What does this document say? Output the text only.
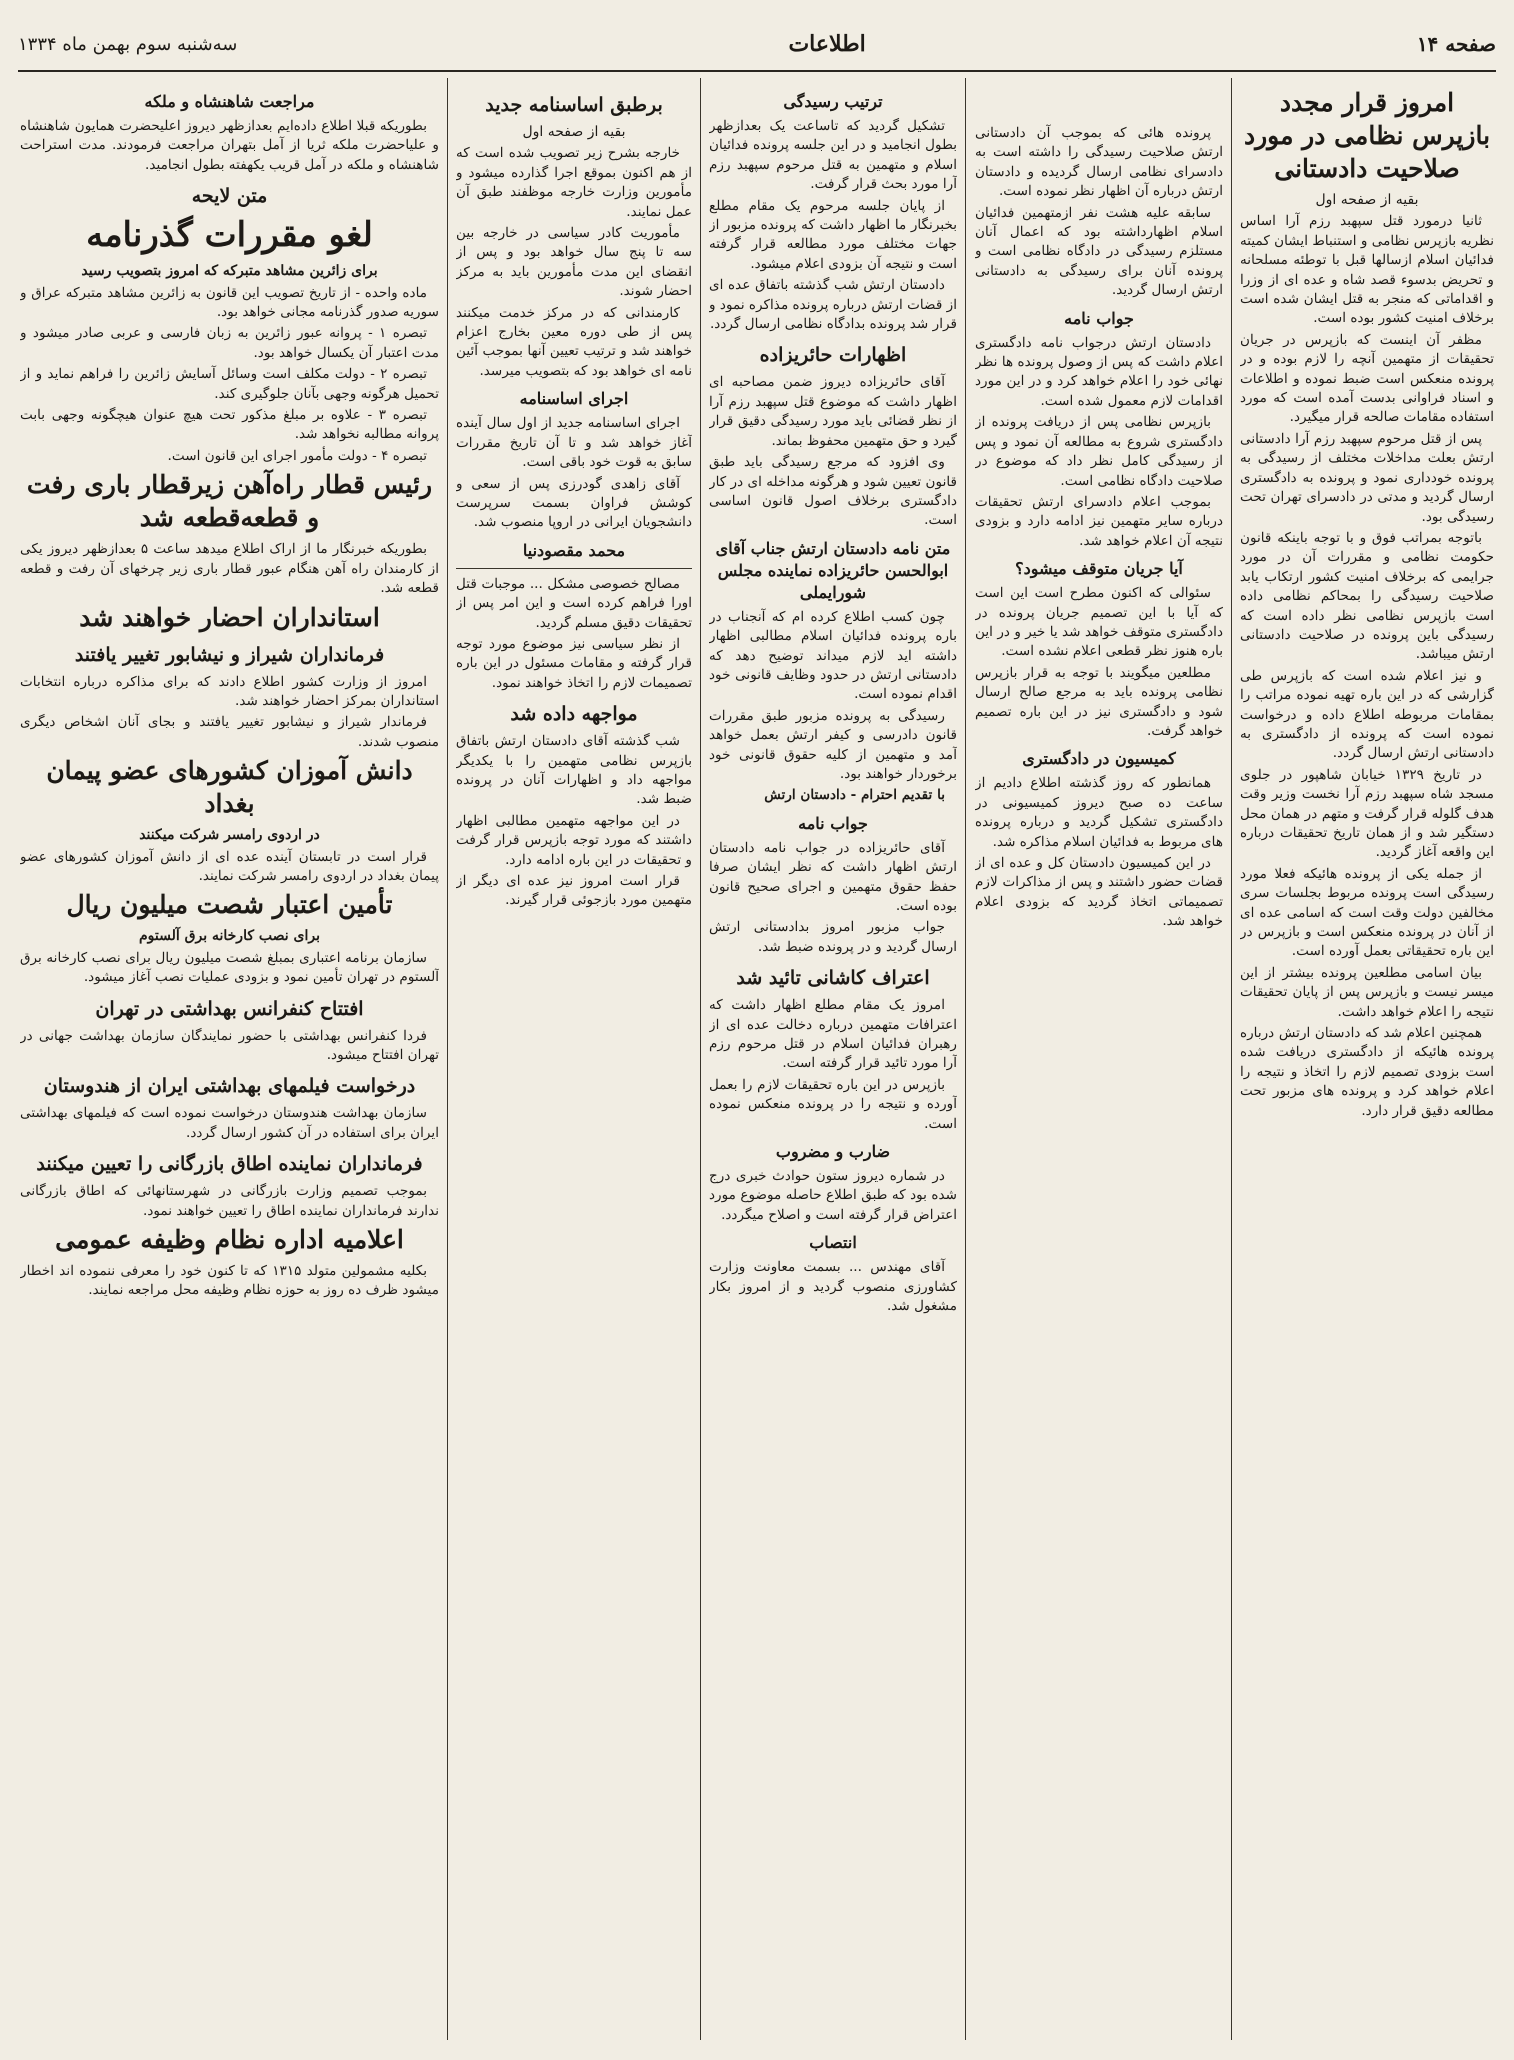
صفحه ۱۴
اطلاعات
سه‌شنبه سوم بهمن ماه ۱۳۳۴
امروز قرار مجدد بازپرس نظامی در مورد صلاحیت دادستانی
بقیه از صفحه اول

ثانیا درمورد قتل سپهبد رزم آرا اساس نظریه بازپرس نظامی و استنباط ایشان کمیته فدائیان اسلام ازسالها قبل با توطئه مسلحانه و تحریض بدسوء قصد شاه و عده ای از وزرا و اقداماتی که منجر به قتل ایشان شده است برخلاف امنیت کشور بوده است.

مظفر آن اینست که بازپرس در جریان تحقیقات از متهمین آنچه را لازم بوده و در پرونده منعکس است ضبط نموده و اطلاعات و اسناد فراوانی بدست آمده است که مورد استفاده مقامات صالحه قرار میگیرد.

پس از قتل مرحوم سپهبد رزم آرا دادستانی ارتش بعلت مداخلات مختلف از رسیدگی به پرونده خودداری نمود و پرونده به دادگستری ارسال گردید و مدتی در دادسرای تهران تحت رسیدگی بود.

باتوجه بمراتب فوق و با توجه باینکه قانون حکومت نظامی و مقررات آن در مورد جرایمی که برخلاف امنیت کشور ارتکاب یابد صلاحیت رسیدگی را بمحاکم نظامی داده است بازپرس نظامی نظر داده است که رسیدگی باین پرونده در صلاحیت دادستانی ارتش میباشد.

و نیز اعلام شده است که بازپرس طی گزارشی که در این باره تهیه نموده مراتب را بمقامات مربوطه اطلاع داده و درخواست نموده است که پرونده از دادگستری به دادستانی ارتش ارسال گردد.

در تاریخ ۱۳۲۹ خیابان شاهپور در جلوی مسجد شاه سپهبد رزم آرا نخست وزیر وقت هدف گلوله قرار گرفت و متهم در همان محل دستگیر شد و از همان تاریخ تحقیقات درباره این واقعه آغاز گردید.

از جمله یکی از پرونده هائیکه فعلا مورد رسیدگی است پرونده مربوط بجلسات سری مخالفین دولت وقت است که اسامی عده ای از آنان در پرونده منعکس است و بازپرس در این باره تحقیقاتی بعمل آورده است.

بیان اسامی مطلعین پرونده بیشتر از این میسر نیست و بازپرس پس از پایان تحقیقات نتیجه را اعلام خواهد داشت.

همچنین اعلام شد که دادستان ارتش درباره پرونده هائیکه از دادگستری دریافت شده است بزودی تصمیم لازم را اتخاذ و نتیجه را اعلام خواهد کرد و پرونده های مزبور تحت مطالعه دقیق قرار دارد.

پرونده هائی که بموجب آن دادستانی ارتش صلاحیت رسیدگی را داشته است به دادسرای نظامی ارسال گردیده و دادستان ارتش درباره آن اظهار نظر نموده است.

سابقه علیه هشت نفر ازمتهمین فدائیان اسلام اظهارداشته بود که اعمال آنان مستلزم رسیدگی در دادگاه نظامی است و پرونده آنان برای رسیدگی به دادستانی ارتش ارسال گردید.

جواب نامه

دادستان ارتش درجواب نامه دادگستری اعلام داشت که پس از وصول پرونده ها نظر نهائی خود را اعلام خواهد کرد و در این مورد اقدامات لازم معمول شده است.

بازپرس نظامی پس از دریافت پرونده از دادگستری شروع به مطالعه آن نمود و پس از رسیدگی کامل نظر داد که موضوع در صلاحیت دادگاه نظامی است.

بموجب اعلام دادسرای ارتش تحقیقات درباره سایر متهمین نیز ادامه دارد و بزودی نتیجه آن اعلام خواهد شد.

آیا جریان متوقف میشود؟

سئوالی که اکنون مطرح است این است که آیا با این تصمیم جریان پرونده در دادگستری متوقف خواهد شد یا خیر و در این باره هنوز نظر قطعی اعلام نشده است.

مطلعین میگویند با توجه به قرار بازپرس نظامی پرونده باید به مرجع صالح ارسال شود و دادگستری نیز در این باره تصمیم خواهد گرفت.

کمیسیون در دادگستری

همانطور که روز گذشته اطلاع دادیم از ساعت ده صبح دیروز کمیسیونی در دادگستری تشکیل گردید و درباره پرونده های مربوط به فدائیان اسلام مذاکره شد.

در این کمیسیون دادستان کل و عده ای از قضات حضور داشتند و پس از مذاکرات لازم تصمیماتی اتخاذ گردید که بزودی اعلام خواهد شد.

ترتیب رسیدگی

تشکیل گردید که تاساعت یک بعدازظهر بطول انجامید و در این جلسه پرونده فدائیان اسلام و متهمین به قتل مرحوم سپهبد رزم آرا مورد بحث قرار گرفت.

از پایان جلسه مرحوم یک مقام مطلع بخبرنگار ما اظهار داشت که پرونده مزبور از جهات مختلف مورد مطالعه قرار گرفته است و نتیجه آن بزودی اعلام میشود.

دادستان ارتش شب گذشته باتفاق عده ای از قضات ارتش درباره پرونده مذاکره نمود و قرار شد پرونده بدادگاه نظامی ارسال گردد.

اظهارات حائریزاده

آقای حائریزاده دیروز ضمن مصاحبه ای اظهار داشت که موضوع قتل سپهبد رزم آرا از نظر قضائی باید مورد رسیدگی دقیق قرار گیرد و حق متهمین محفوظ بماند.

وی افزود که مرجع رسیدگی باید طبق قانون تعیین شود و هرگونه مداخله ای در کار دادگستری برخلاف اصول قانون اساسی است.

متن نامه دادستان ارتش جناب آقای ابوالحسن حائریزاده نماینده مجلس شورایملی

چون کسب اطلاع کرده ام که آنجناب در باره پرونده فدائیان اسلام مطالبی اظهار داشته اید لازم میداند توضیح دهد که دادستانی ارتش در حدود وظایف قانونی خود اقدام نموده است.

رسیدگی به پرونده مزبور طبق مقررات قانون دادرسی و کیفر ارتش بعمل خواهد آمد و متهمین از کلیه حقوق قانونی خود برخوردار خواهند بود.

با تقدیم احترام - دادستان ارتش

جواب نامه

آقای حائریزاده در جواب نامه دادستان ارتش اظهار داشت که نظر ایشان صرفا حفظ حقوق متهمین و اجرای صحیح قانون بوده است.

جواب مزبور امروز بدادستانی ارتش ارسال گردید و در پرونده ضبط شد.

اعتراف کاشانی تائید شد

امروز یک مقام مطلع اظهار داشت که اعترافات متهمین درباره دخالت عده ای از رهبران فدائیان اسلام در قتل مرحوم رزم آرا مورد تائید قرار گرفته است.

بازپرس در این باره تحقیقات لازم را بعمل آورده و نتیجه را در پرونده منعکس نموده است.

ضارب و مضروب

در شماره دیروز ستون حوادث خبری درج شده بود که طبق اطلاع حاصله موضوع مورد اعتراض قرار گرفته است و اصلاح میگردد.

انتصاب

آقای مهندس ... بسمت معاونت وزارت کشاورزی منصوب گردید و از امروز بکار مشغول شد.

برطبق اساسنامه جدید
بقیه از صفحه اول

خارجه بشرح زیر تصویب شده است که از هم اکنون بموقع اجرا گذارده میشود و مأمورین وزارت خارجه موظفند طبق آن عمل نمایند.

مأموریت کادر سیاسی در خارجه بین سه تا پنج سال خواهد بود و پس از انقضای این مدت مأمورین باید به مرکز احضار شوند.

کارمندانی که در مرکز خدمت میکنند پس از طی دوره معین بخارج اعزام خواهند شد و ترتیب تعیین آنها بموجب آئین نامه ای خواهد بود که بتصویب میرسد.

اجرای اساسنامه

اجرای اساسنامه جدید از اول سال آینده آغاز خواهد شد و تا آن تاریخ مقررات سابق به قوت خود باقی است.

آقای زاهدی گودرزی پس از سعی و کوشش فراوان بسمت سرپرست دانشجویان ایرانی در اروپا منصوب شد.

محمد مقصودنیا

مصالح خصوصی مشکل ... موجبات قتل اورا فراهم کرده است و این امر پس از تحقیقات دقیق مسلم گردید.

از نظر سیاسی نیز موضوع مورد توجه قرار گرفته و مقامات مسئول در این باره تصمیمات لازم را اتخاذ خواهند نمود.

مواجهه داده شد

شب گذشته آقای دادستان ارتش باتفاق بازپرس نظامی متهمین را با یکدیگر مواجهه داد و اظهارات آنان در پرونده ضبط شد.

در این مواجهه متهمین مطالبی اظهار داشتند که مورد توجه بازپرس قرار گرفت و تحقیقات در این باره ادامه دارد.

قرار است امروز نیز عده ای دیگر از متهمین مورد بازجوئی قرار گیرند.

مراجعت شاهنشاه و ملکه

بطوریکه قبلا اطلاع داده‌ایم بعدازظهر دیروز اعلیحضرت همایون شاهنشاه و علیاحضرت ملکه ثریا از آمل بتهران مراجعت فرمودند. مدت استراحت شاهنشاه و ملکه در آمل قریب یکهفته بطول انجامید.

متن لایحه
لغو مقررات گذرنامه
برای زائرین مشاهد متبرکه که امروز بتصویب رسید

ماده واحده - از تاریخ تصویب این قانون به زائرین مشاهد متبرکه عراق و سوریه صدور گذرنامه مجانی خواهد بود.

تبصره ۱ - پروانه عبور زائرین به زبان فارسی و عربی صادر میشود و مدت اعتبار آن یکسال خواهد بود.

تبصره ۲ - دولت مکلف است وسائل آسایش زائرین را فراهم نماید و از تحمیل هرگونه وجهی بآنان جلوگیری کند.

تبصره ۳ - علاوه بر مبلغ مذکور تحت هیچ عنوان هیچگونه وجهی بابت پروانه مطالبه نخواهد شد.

تبصره ۴ - دولت مأمور اجرای این قانون است.

رئیس قطار راه‌آهن زیرقطار باری رفت و قطعه‌قطعه شد

بطوریکه خبرنگار ما از اراک اطلاع میدهد ساعت ۵ بعدازظهر دیروز یکی از کارمندان راه آهن هنگام عبور قطار باری زیر چرخهای آن رفت و قطعه قطعه شد.

استانداران احضار خواهند شد
فرمانداران شیراز و نیشابور تغییر یافتند

امروز از وزارت کشور اطلاع دادند که برای مذاکره درباره انتخابات استانداران بمرکز احضار خواهند شد.

فرماندار شیراز و نیشابور تغییر یافتند و بجای آنان اشخاص دیگری منصوب شدند.

دانش آموزان کشورهای عضو پیمان بغداد
در اردوی رامسر شرکت میکنند

قرار است در تابستان آینده عده ای از دانش آموزان کشورهای عضو پیمان بغداد در اردوی رامسر شرکت نمایند.

تأمین اعتبار شصت میلیون ریال
برای نصب کارخانه برق آلستوم

سازمان برنامه اعتباری بمبلغ شصت میلیون ریال برای نصب کارخانه برق آلستوم در تهران تأمین نمود و بزودی عملیات نصب آغاز میشود.

افتتاح کنفرانس بهداشتی در تهران

فردا کنفرانس بهداشتی با حضور نمایندگان سازمان بهداشت جهانی در تهران افتتاح میشود.

درخواست فیلمهای بهداشتی ایران از هندوستان

سازمان بهداشت هندوستان درخواست نموده است که فیلمهای بهداشتی ایران برای استفاده در آن کشور ارسال گردد.

فرمانداران نماینده اطاق بازرگانی را تعیین میکنند

بموجب تصمیم وزارت بازرگانی در شهرستانهائی که اطاق بازرگانی ندارند فرمانداران نماینده اطاق را تعیین خواهند نمود.

اعلامیه اداره نظام وظیفه عمومی

بکلیه مشمولین متولد ۱۳۱۵ که تا کنون خود را معرفی ننموده اند اخطار میشود ظرف ده روز به حوزه نظام وظیفه محل مراجعه نمایند.
